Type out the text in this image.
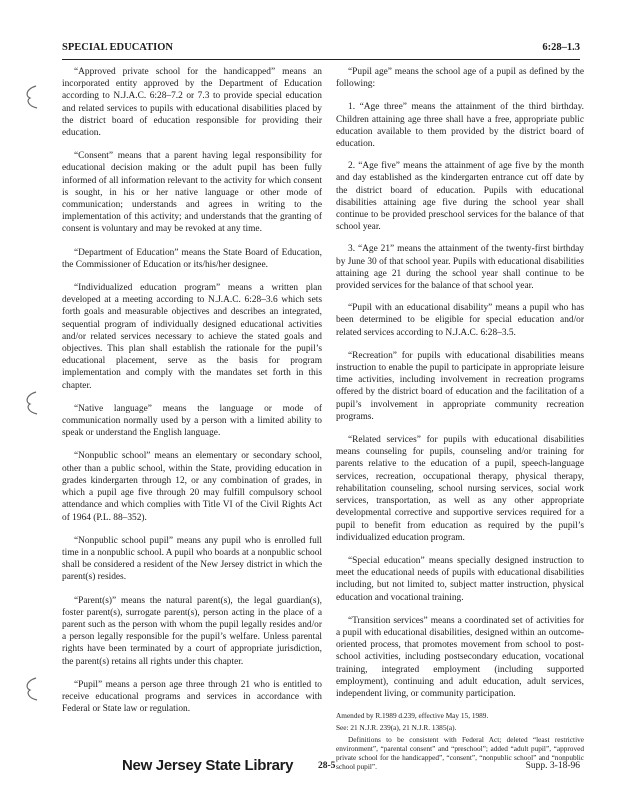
SPECIAL EDUCATION	6:28–1.3

“Approved private school for the handicapped” means an incorporated entity approved by the Department of Education according to N.J.A.C. 6:28–7.2 or 7.3 to provide special education and related services to pupils with educational disabilities placed by the district board of education responsible for providing their education.

“Consent” means that a parent having legal responsibility for educational decision making or the adult pupil has been fully informed of all information relevant to the activity for which consent is sought, in his or her native language or other mode of communication; understands and agrees in writing to the implementation of this activity; and understands that the granting of consent is voluntary and may be revoked at any time.

“Department of Education” means the State Board of Education, the Commissioner of Education or its/his/her designee.

“Individualized education program” means a written plan developed at a meeting according to N.J.A.C. 6:28–3.6 which sets forth goals and measurable objectives and describes an integrated, sequential program of individually designed educational activities and/or related services necessary to achieve the stated goals and objectives. This plan shall establish the rationale for the pupil’s educational placement, serve as the basis for program implementation and comply with the mandates set forth in this chapter.

“Native language” means the language or mode of communication normally used by a person with a limited ability to speak or understand the English language.

“Nonpublic school” means an elementary or secondary school, other than a public school, within the State, providing education in grades kindergarten through 12, or any combination of grades, in which a pupil age five through 20 may fulfill compulsory school attendance and which complies with Title VI of the Civil Rights Act of 1964 (P.L. 88–352).

“Nonpublic school pupil” means any pupil who is enrolled full time in a nonpublic school. A pupil who boards at a nonpublic school shall be considered a resident of the New Jersey district in which the parent(s) resides.

“Parent(s)” means the natural parent(s), the legal guardian(s), foster parent(s), surrogate parent(s), person acting in the place of a parent such as the person with whom the pupil legally resides and/or a person legally responsible for the pupil’s welfare. Unless parental rights have been terminated by a court of appropriate jurisdiction, the parent(s) retains all rights under this chapter.

“Pupil” means a person age three through 21 who is entitled to receive educational programs and services in accordance with Federal or State law or regulation.

“Pupil age” means the school age of a pupil as defined by the following:

1. “Age three” means the attainment of the third birthday. Children attaining age three shall have a free, appropriate public education available to them provided by the district board of education.

2. “Age five” means the attainment of age five by the month and day established as the kindergarten entrance cut off date by the district board of education. Pupils with educational disabilities attaining age five during the school year shall continue to be provided preschool services for the balance of that school year.

3. “Age 21” means the attainment of the twenty-first birthday by June 30 of that school year. Pupils with educational disabilities attaining age 21 during the school year shall continue to be provided services for the balance of that school year.

“Pupil with an educational disability” means a pupil who has been determined to be eligible for special education and/or related services according to N.J.A.C. 6:28–3.5.

“Recreation” for pupils with educational disabilities means instruction to enable the pupil to participate in appropriate leisure time activities, including involvement in recreation programs offered by the district board of education and the facilitation of a pupil’s involvement in appropriate community recreation programs.

“Related services” for pupils with educational disabilities means counseling for pupils, counseling and/or training for parents relative to the education of a pupil, speech-language services, recreation, occupational therapy, physical therapy, rehabilitation counseling, school nursing services, social work services, transportation, as well as any other appropriate developmental corrective and supportive services required for a pupil to benefit from education as required by the pupil’s individualized education program.

“Special education” means specially designed instruction to meet the educational needs of pupils with educational disabilities including, but not limited to, subject matter instruction, physical education and vocational training.

“Transition services” means a coordinated set of activities for a pupil with educational disabilities, designed within an outcome-oriented process, that promotes movement from school to post-school activities, including postsecondary education, vocational training, integrated employment (including supported employment), continuing and adult education, adult services, independent living, or community participation.

Amended by R.1989 d.239, effective May 15, 1989.

See: 21 N.J.R. 239(a), 21 N.J.R. 1385(a).

Definitions to be consistent with Federal Act; deleted “least restrictive environment”, “parental consent” and “preschool”; added “adult pupil”, “approved private school for the handicapped”, “consent”, “nonpublic school” and “nonpublic school pupil”.

New Jersey State Library	28-5	Supp. 3-18-96
